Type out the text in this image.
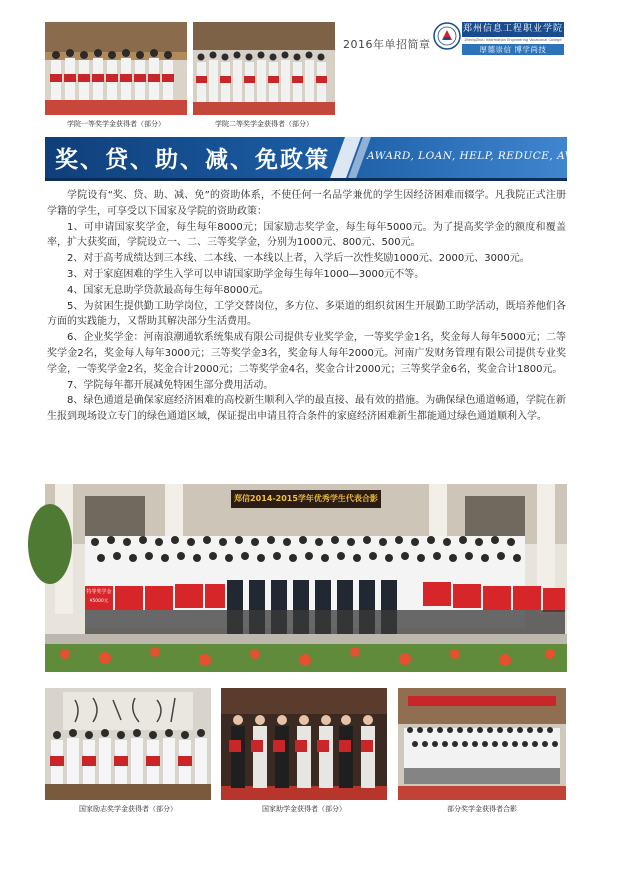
学院一等奖学金获得者（部分）	学院二等奖学金获得者（部分）
2016年单招简章
郑州信息工程职业学院
ZhengZhou Information Engineering Vocational College
厚德崇信 博学尚技
奖、贷、助、减、免政策	AWARD, LOAN, HELP, REDUCE, AVOID POLICY

学院设有“奖、贷、助、减、免”的资助体系，不使任何一名品学兼优的学生因经济困难而辍学。凡我院正式注册学籍的学生，可享受以下国家及学院的资助政策：

1、可申请国家奖学金，每生每年8000元；国家励志奖学金，每生每年5000元。为了提高奖学金的额度和覆盖率，扩大获奖面，学院设立一、二、三等奖学金，分别为1000元、800元、500元。

2、对于高考成绩达到三本线、二本线、一本线以上者，入学后一次性奖励1000元、2000元、3000元。

3、对于家庭困难的学生入学可以申请国家助学金每生每年1000—3000元不等。

4、国家无息助学贷款最高每生每年8000元。

5、为贫困生提供勤工助学岗位，工学交替岗位，多方位、多渠道的组织贫困生开展勤工助学活动，既培养他们各方面的实践能力，又帮助其解决部分生活费用。

6、企业奖学金：河南浪潮通软系统集成有限公司提供专业奖学金，一等奖学金1名，奖金每人每年5000元；二等奖学金2名，奖金每人每年3000元；三等奖学金3名，奖金每人每年2000元。河南广发财务管理有限公司提供专业奖学金，一等奖学金2名，奖金合计2000元；二等奖学金4名，奖金合计2000元；三等奖学金6名，奖金合计1800元。

7、学院每年都开展减免特困生部分费用活动。

8、绿色通道是确保家庭经济困难的高校新生顺利入学的最直接、最有效的措施。为确保绿色通道畅通，学院在新生报到现场设立专门的绿色通道区域，保证提出申请且符合条件的家庭经济困难新生都能通过绿色通道顺利入学。

郑信2014-2015学年优秀学生代表合影
特等奖学金
¥5000元
国家励志奖学金获得者（部分）	国家助学金获得者（部分）	部分奖学金获得者合影
